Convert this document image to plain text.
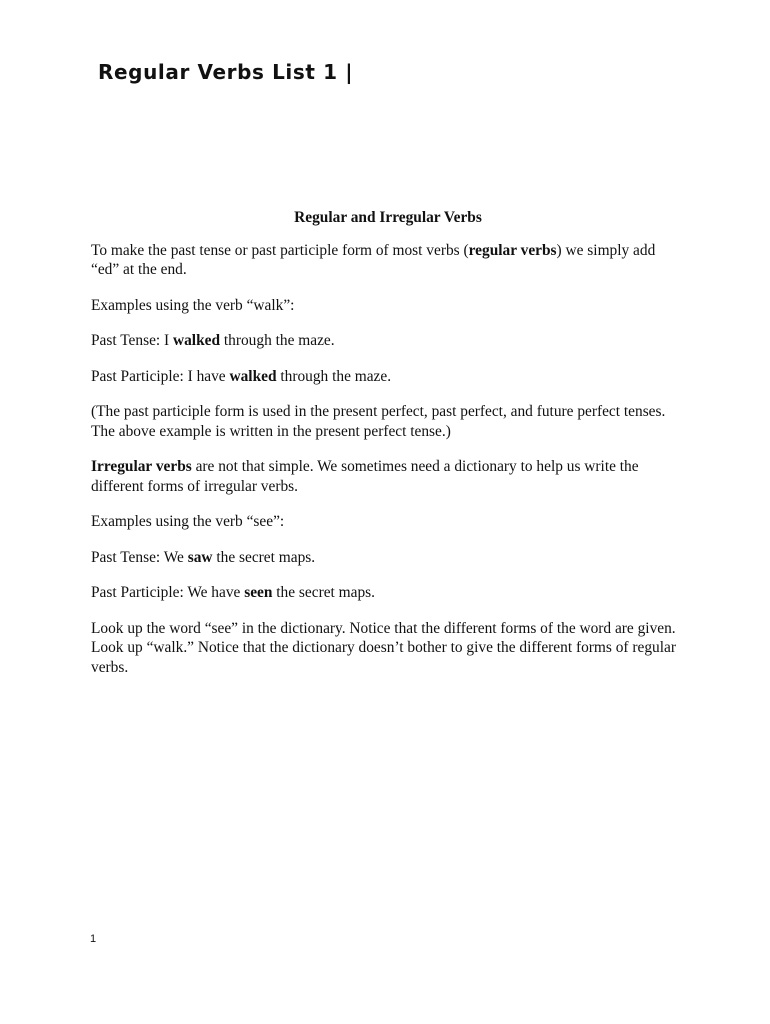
Regular Verbs List 1 |
Regular and Irregular Verbs

To make the past tense or past participle form of most verbs (regular verbs) we simply add “ed” at the end.

Examples using the verb “walk”:

Past Tense: I walked through the maze.

Past Participle: I have walked through the maze.

(The past participle form is used in the present perfect, past perfect, and future perfect tenses. The above example is written in the present perfect tense.)

Irregular verbs are not that simple. We sometimes need a dictionary to help us write the different forms of irregular verbs.

Examples using the verb “see”:

Past Tense: We saw the secret maps.

Past Participle: We have seen the secret maps.

Look up the word “see” in the dictionary. Notice that the different forms of the word are given. Look up “walk.” Notice that the dictionary doesn’t bother to give the different forms of regular verbs.

1
